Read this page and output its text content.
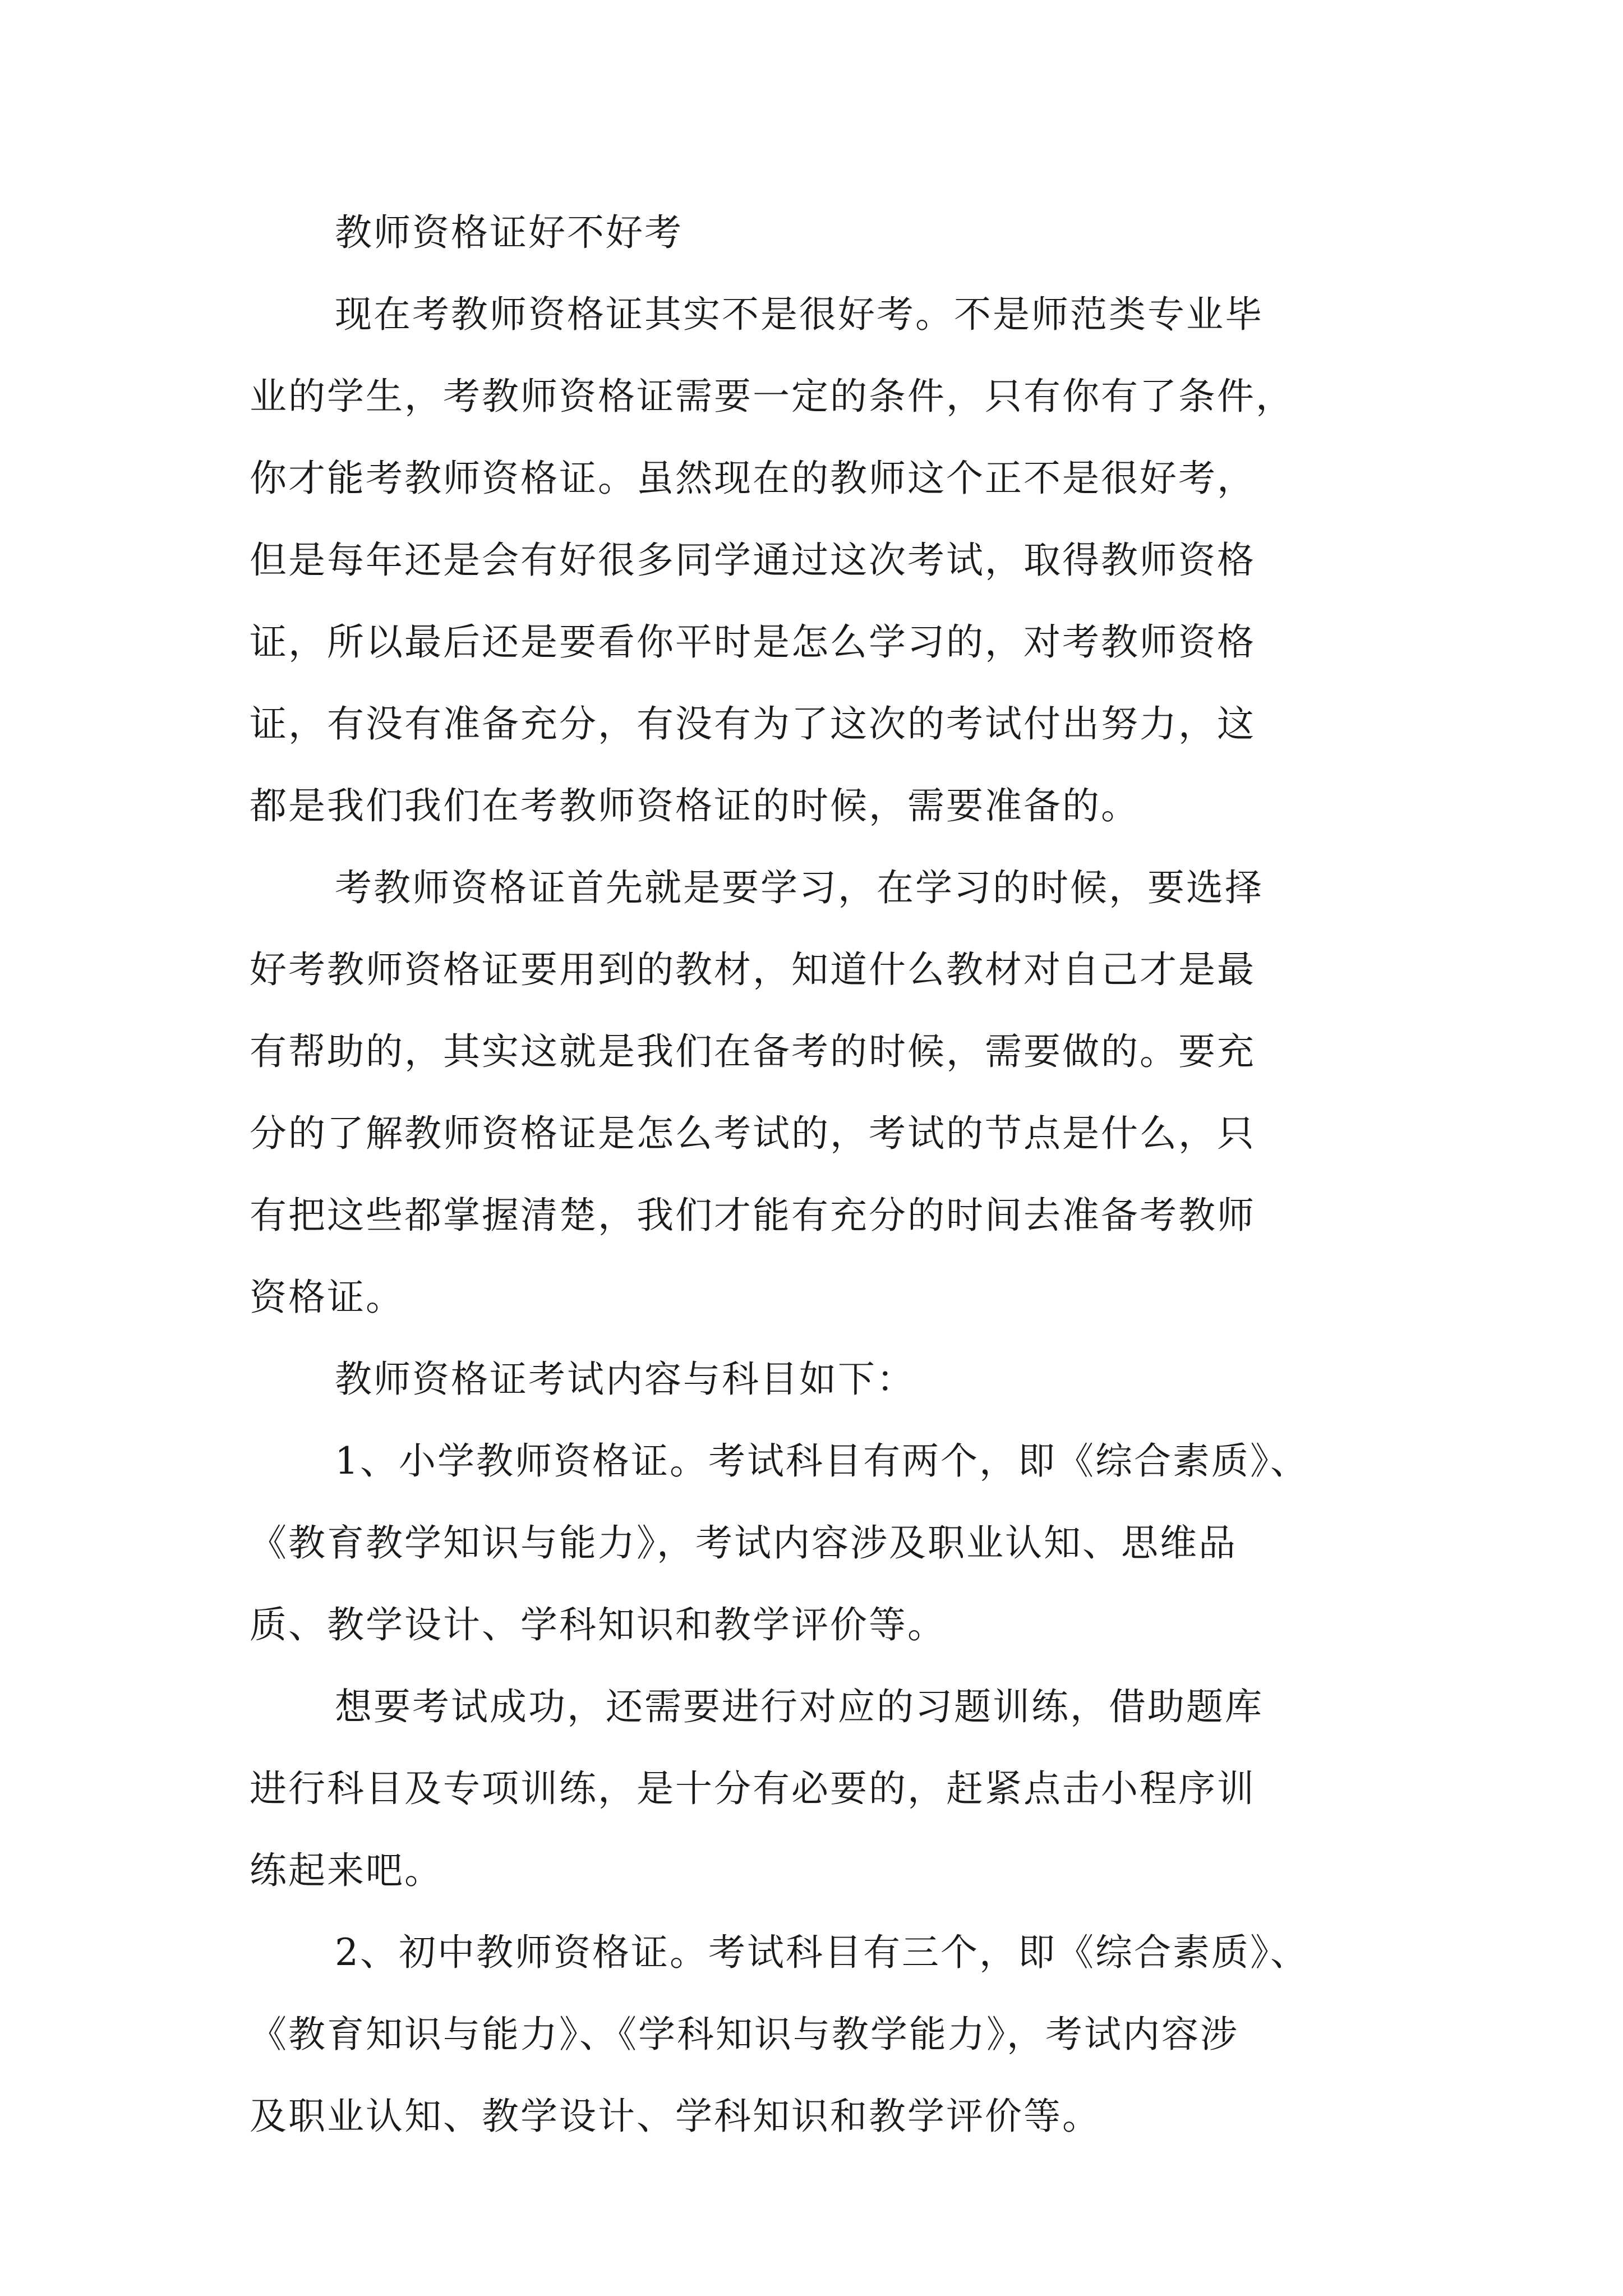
教师资格证好不好考
现在考教师资格证其实不是很好考。不是师范类专业毕
业的学生，考教师资格证需要一定的条件，只有你有了条件，
你才能考教师资格证。虽然现在的教师这个正不是很好考，
但是每年还是会有好很多同学通过这次考试，取得教师资格
证，所以最后还是要看你平时是怎么学习的，对考教师资格
证，有没有准备充分，有没有为了这次的考试付出努力，这
都是我们我们在考教师资格证的时候，需要准备的。
考教师资格证首先就是要学习，在学习的时候，要选择
好考教师资格证要用到的教材，知道什么教材对自己才是最
有帮助的，其实这就是我们在备考的时候，需要做的。要充
分的了解教师资格证是怎么考试的，考试的节点是什么，只
有把这些都掌握清楚，我们才能有充分的时间去准备考教师
资格证。
教师资格证考试内容与科目如下：
1、小学教师资格证。考试科目有两个，即《综合素质》、
《教育教学知识与能力》，考试内容涉及职业认知、思维品
质、教学设计、学科知识和教学评价等。
想要考试成功，还需要进行对应的习题训练，借助题库
进行科目及专项训练，是十分有必要的，赶紧点击小程序训
练起来吧。
2、初中教师资格证。考试科目有三个，即《综合素质》、
《教育知识与能力》、《学科知识与教学能力》，考试内容涉
及职业认知、教学设计、学科知识和教学评价等。
